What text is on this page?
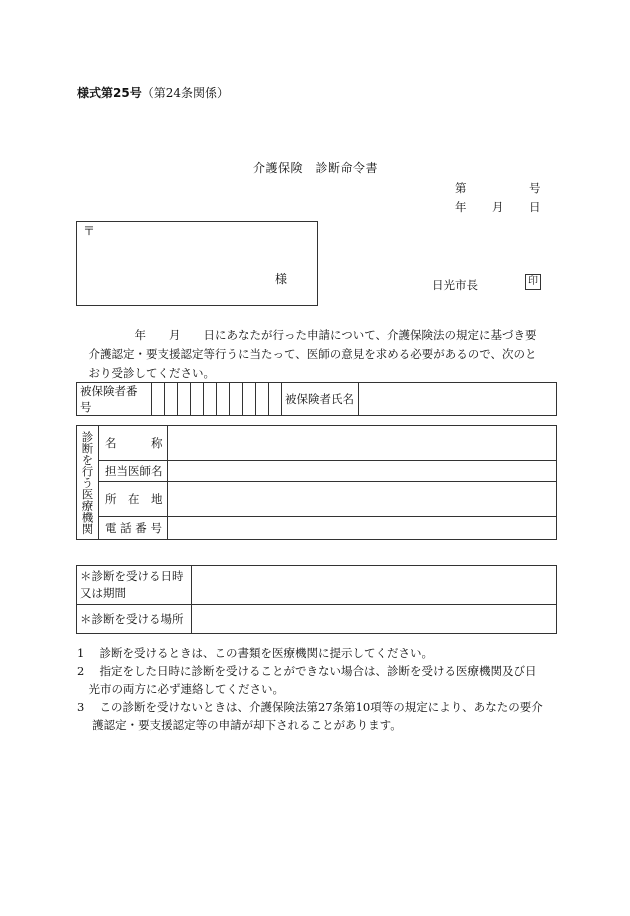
様式第25号（第24条関係）
介護保険　診断命令書
第	号
年 月 日
〒
様	日光市長	印
　　　　　年　　月　　日にあなたが行った申請について、介護保険法の規定に基づき要
　介護認定・要支援認定等行うに当たって、医師の意見を求める必要があるので、次のと
　おり受診してください。
被保険者番号											被保険者氏名	
診断を行う医療機関	名　　　称	
	担当医師名	
	所　在　地	
	電 話 番 号	
＊診断を受ける日時
又は期間	

＊診断を受ける場所	
1　 診断を受けるときは、この書類を医療機関に提示してください。
2　 指定をした日時に診断を受けることができない場合は、診断を受ける医療機関及び日
　光市の両方に必ず連絡してください。
3　 この診断を受けないときは、介護保険法第27条第10項等の規定により、あなたの要介
　 護認定・要支援認定等の申請が却下されることがあります。
